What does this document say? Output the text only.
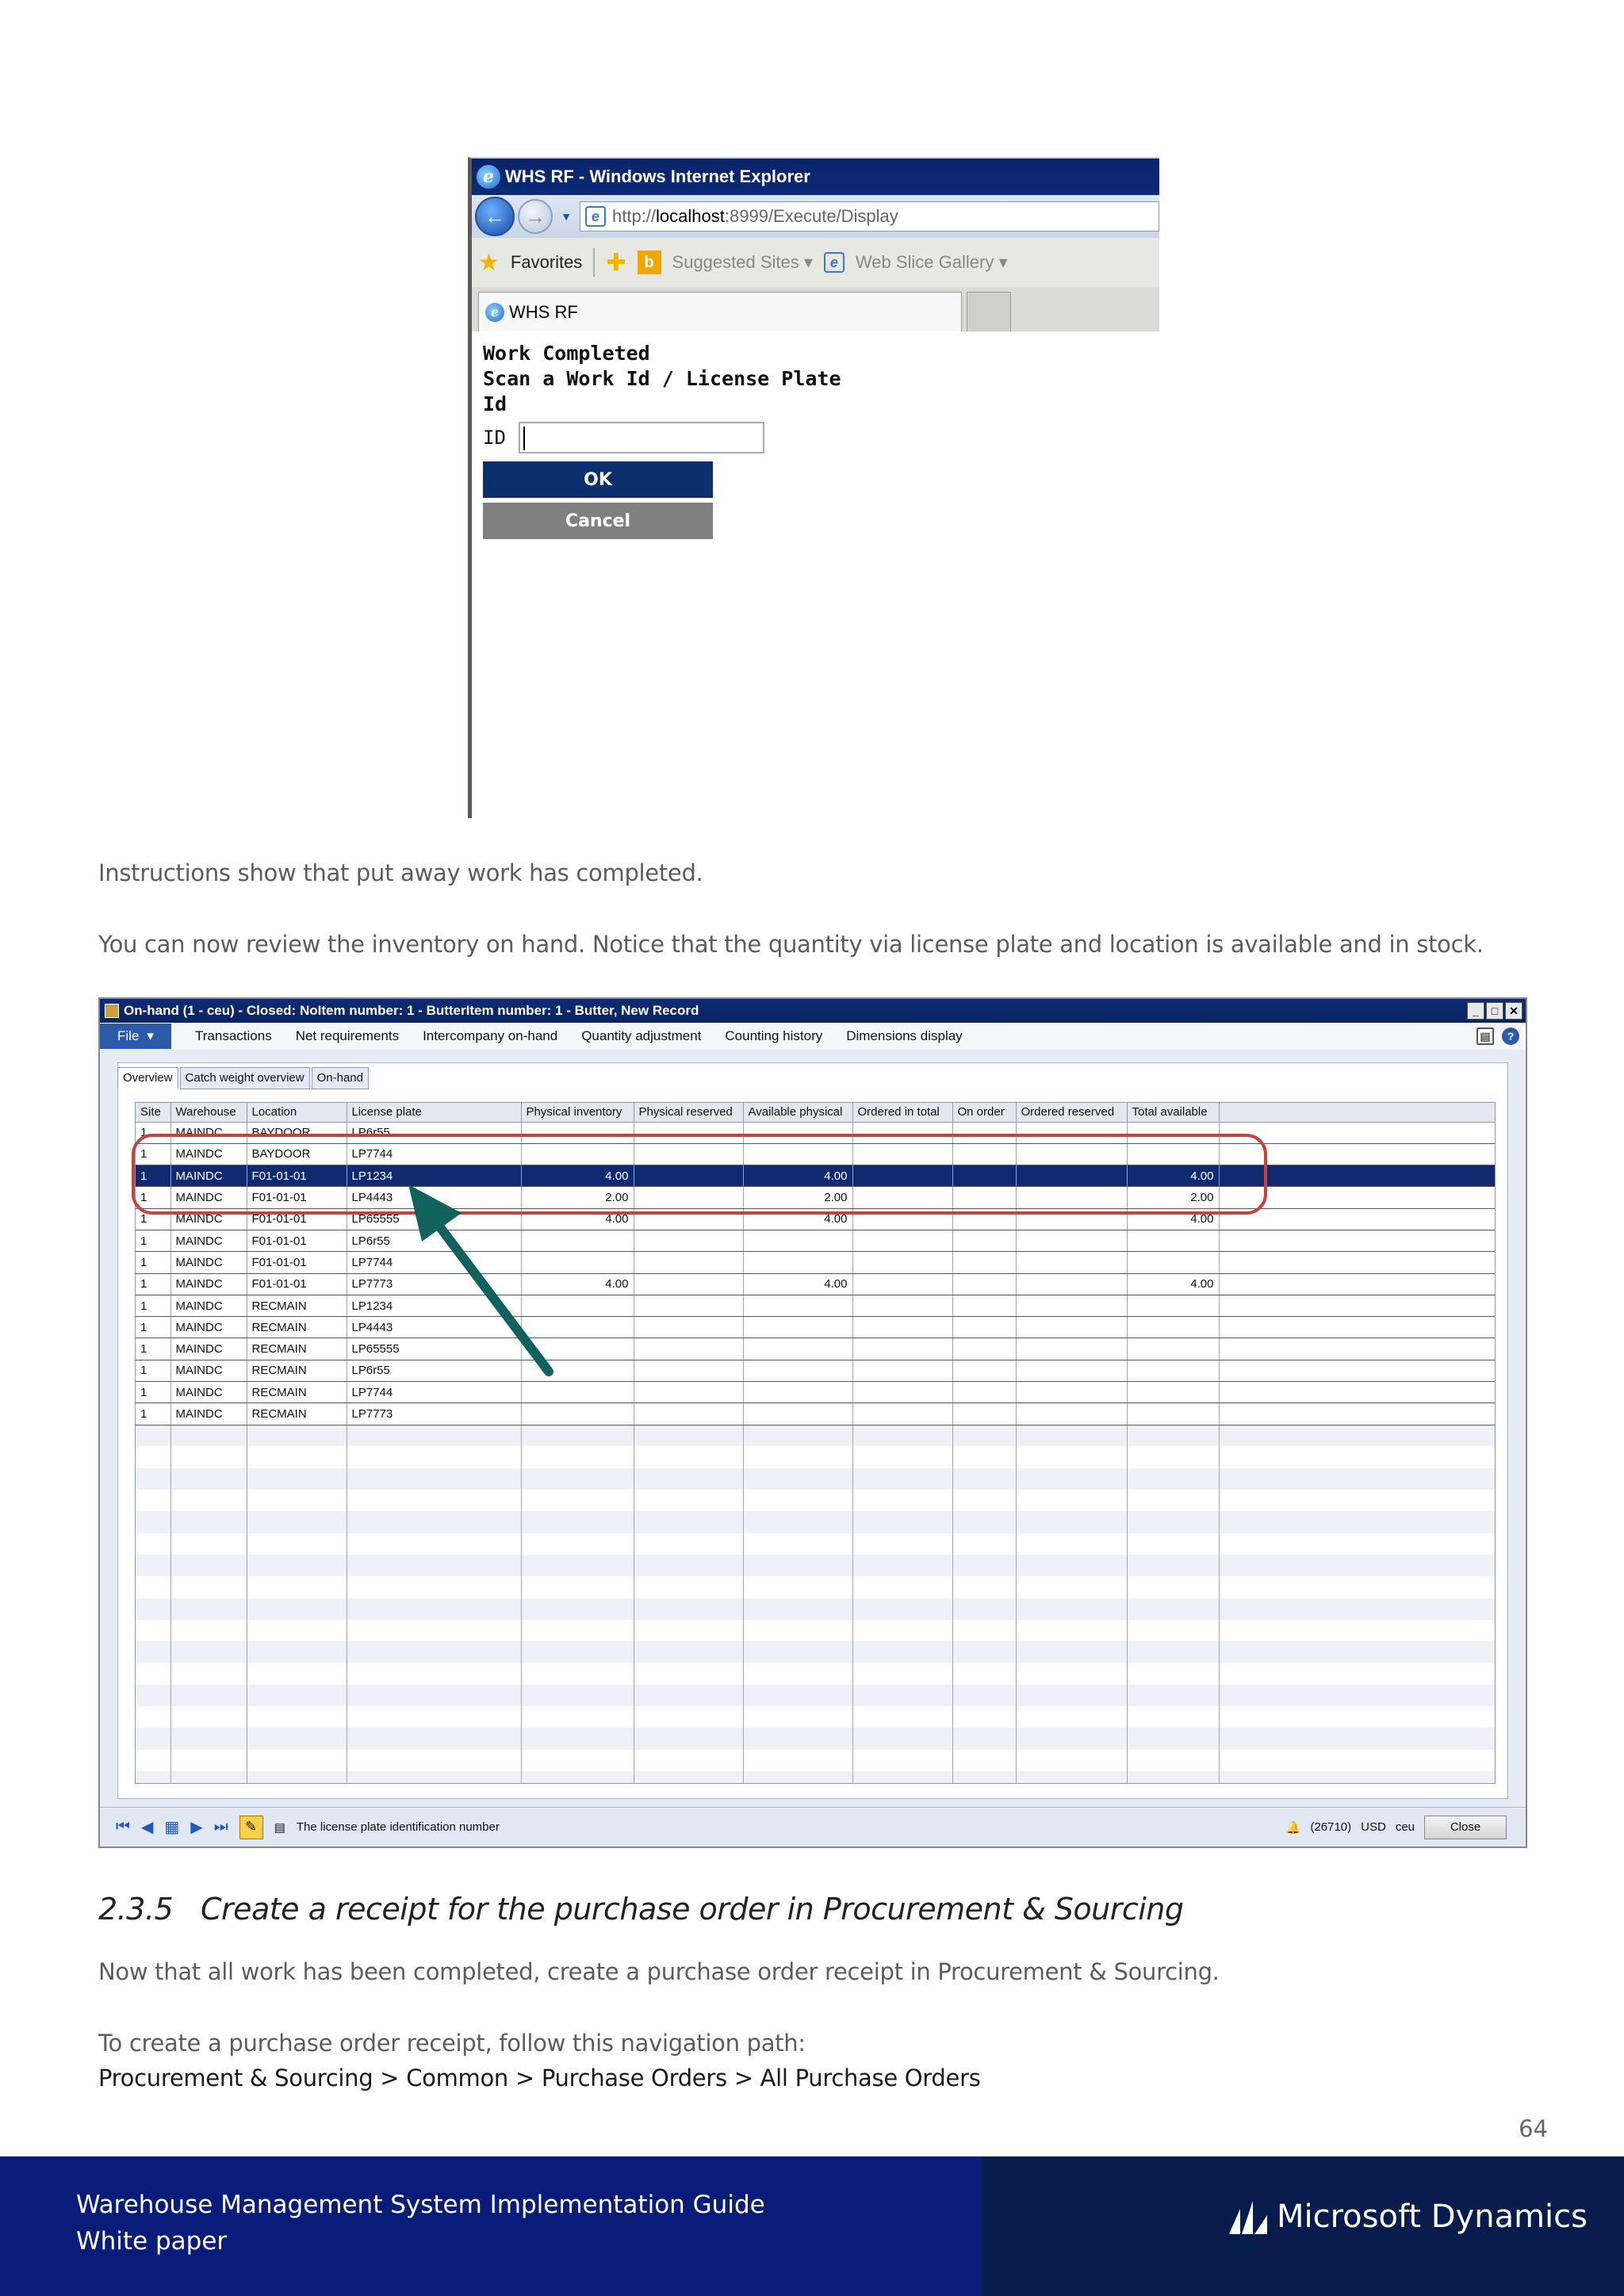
e WHS RF - Windows Internet Explorer
← →	▼	e http://localhost:8999/Execute/Display
★ Favorites ✚	b	Suggested Sites ▾	e	Web Slice Gallery ▾
e WHS RF
Work Completed
Scan a Work Id / License Plate Id
ID
OK
Cancel
Instructions show that put away work has completed.
You can now review the inventory on hand. Notice that the quantity via license plate and location is available and in stock.
On-hand (1 - ceu) - Closed: NoItem number: 1 - ButterItem number: 1 - Butter, New Record	_	□ ✕
File ▾	Transactions Net requirements Intercompany on-hand Quantity adjustment Counting history Dimensions display	▤	?
Overview	Catch weight overview	On-hand
Site	Warehouse	Location	License plate	Physical inventory	Physical reserved	Available physical	Ordered in total	On order	Ordered reserved	Total available	
1	MAINDC	BAYDOOR	LP6r55								
1	MAINDC	BAYDOOR	LP7744								
1	MAINDC	F01-01-01	LP1234	4.00		4.00				4.00	
1	MAINDC	F01-01-01	LP4443	2.00		2.00				2.00	
1	MAINDC	F01-01-01	LP65555	4.00		4.00				4.00	
1	MAINDC	F01-01-01	LP6r55								
1	MAINDC	F01-01-01	LP7744								
1	MAINDC	F01-01-01	LP7773	4.00		4.00				4.00	
1	MAINDC	RECMAIN	LP1234								
1	MAINDC	RECMAIN	LP4443								
1	MAINDC	RECMAIN	LP65555								
1	MAINDC	RECMAIN	LP6r55								
1	MAINDC	RECMAIN	LP7744								
1	MAINDC	RECMAIN	LP7773								

⏮ ◀ ▦ ▶ ⏭	✎	▤ The license plate identification number	🔔 (26710) USD ceu	Close
2.3.5 Create a receipt for the purchase order in Procurement & Sourcing
Now that all work has been completed, create a purchase order receipt in Procurement & Sourcing.
To create a purchase order receipt, follow this navigation path:
Procurement & Sourcing > Common > Purchase Orders > All Purchase Orders
64
Warehouse Management System Implementation Guide
White paper
Microsoft Dynamics
